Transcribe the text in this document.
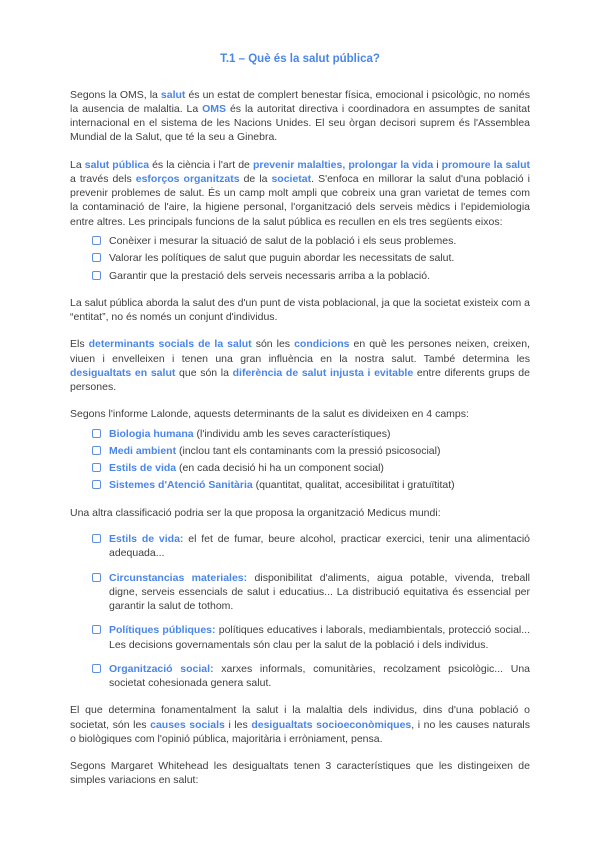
T.1 – Què és la salut pública?

Segons la OMS, la salut és un estat de complert benestar física, emocional i psicològic, no només la ausencia de malaltia. La OMS és la autoritat directiva i coordinadora en assumptes de sanitat internacional en el sistema de les Nacions Unides. El seu òrgan decisori suprem és l'Assemblea Mundial de la Salut, que té la seu a Ginebra.

La salut pública és la ciència i l'art de prevenir malalties, prolongar la vida i promoure la salut a través dels esforços organitzats de la societat. S'enfoca en millorar la salut d'una població i prevenir problemes de salut. És un camp molt ampli que cobreix una gran varietat de temes com la contaminació de l'aire, la higiene personal, l'organització dels serveis mèdics i l'epidemiologia entre altres. Les principals funcions de la salut pública es recullen en els tres següents eixos:

Conèixer i mesurar la situació de salut de la població i els seus problemes.
Valorar les polítiques de salut que puguin abordar les necessitats de salut.
Garantir que la prestació dels serveis necessaris arriba a la població.

La salut pública aborda la salut des d'un punt de vista poblacional, ja que la societat existeix com a “entitat”, no és només un conjunt d'individus.

Els determinants socials de la salut són les condicions en què les persones neixen, creixen, viuen i envelleixen i tenen una gran influència en la nostra salut. També determina les desigualtats en salut que són la diferència de salut injusta i evitable entre diferents grups de persones.

Segons l'informe Lalonde, aquests determinants de la salut es divideixen en 4 camps:

Biologia humana (l'individu amb les seves característiques)
Medi ambient (inclou tant els contaminants com la pressió psicosocial)
Estils de vida (en cada decisió hi ha un component social)
Sistemes d'Atenció Sanitària (quantitat, qualitat, accesibilitat i gratuïtitat)

Una altra classificació podria ser la que proposa la organització Medicus mundi:

Estils de vida: el fet de fumar, beure alcohol, practicar exercici, tenir una alimentació adequada...
Circunstancias materiales: disponibilitat d'aliments, aigua potable, vivenda, treball digne, serveis essencials de salut i educatius... La distribució equitativa és essencial per garantir la salut de tothom.
Polítiques públiques: polítiques educatives i laborals, mediambientals, protecció social... Les decisions governamentals són clau per la salut de la població i dels individus.
Organització social: xarxes informals, comunitàries, recolzament psicològic... Una societat cohesionada genera salut.

El que determina fonamentalment la salut i la malaltia dels individus, dins d'una població o societat, són les causes socials i les desigualtats socioeconòmiques, i no les causes naturals o biològiques com l'opinió pública, majoritària i erròniament, pensa.

Segons Margaret Whitehead les desigualtats tenen 3 característiques que les distingeixen de simples variacions en salut:
